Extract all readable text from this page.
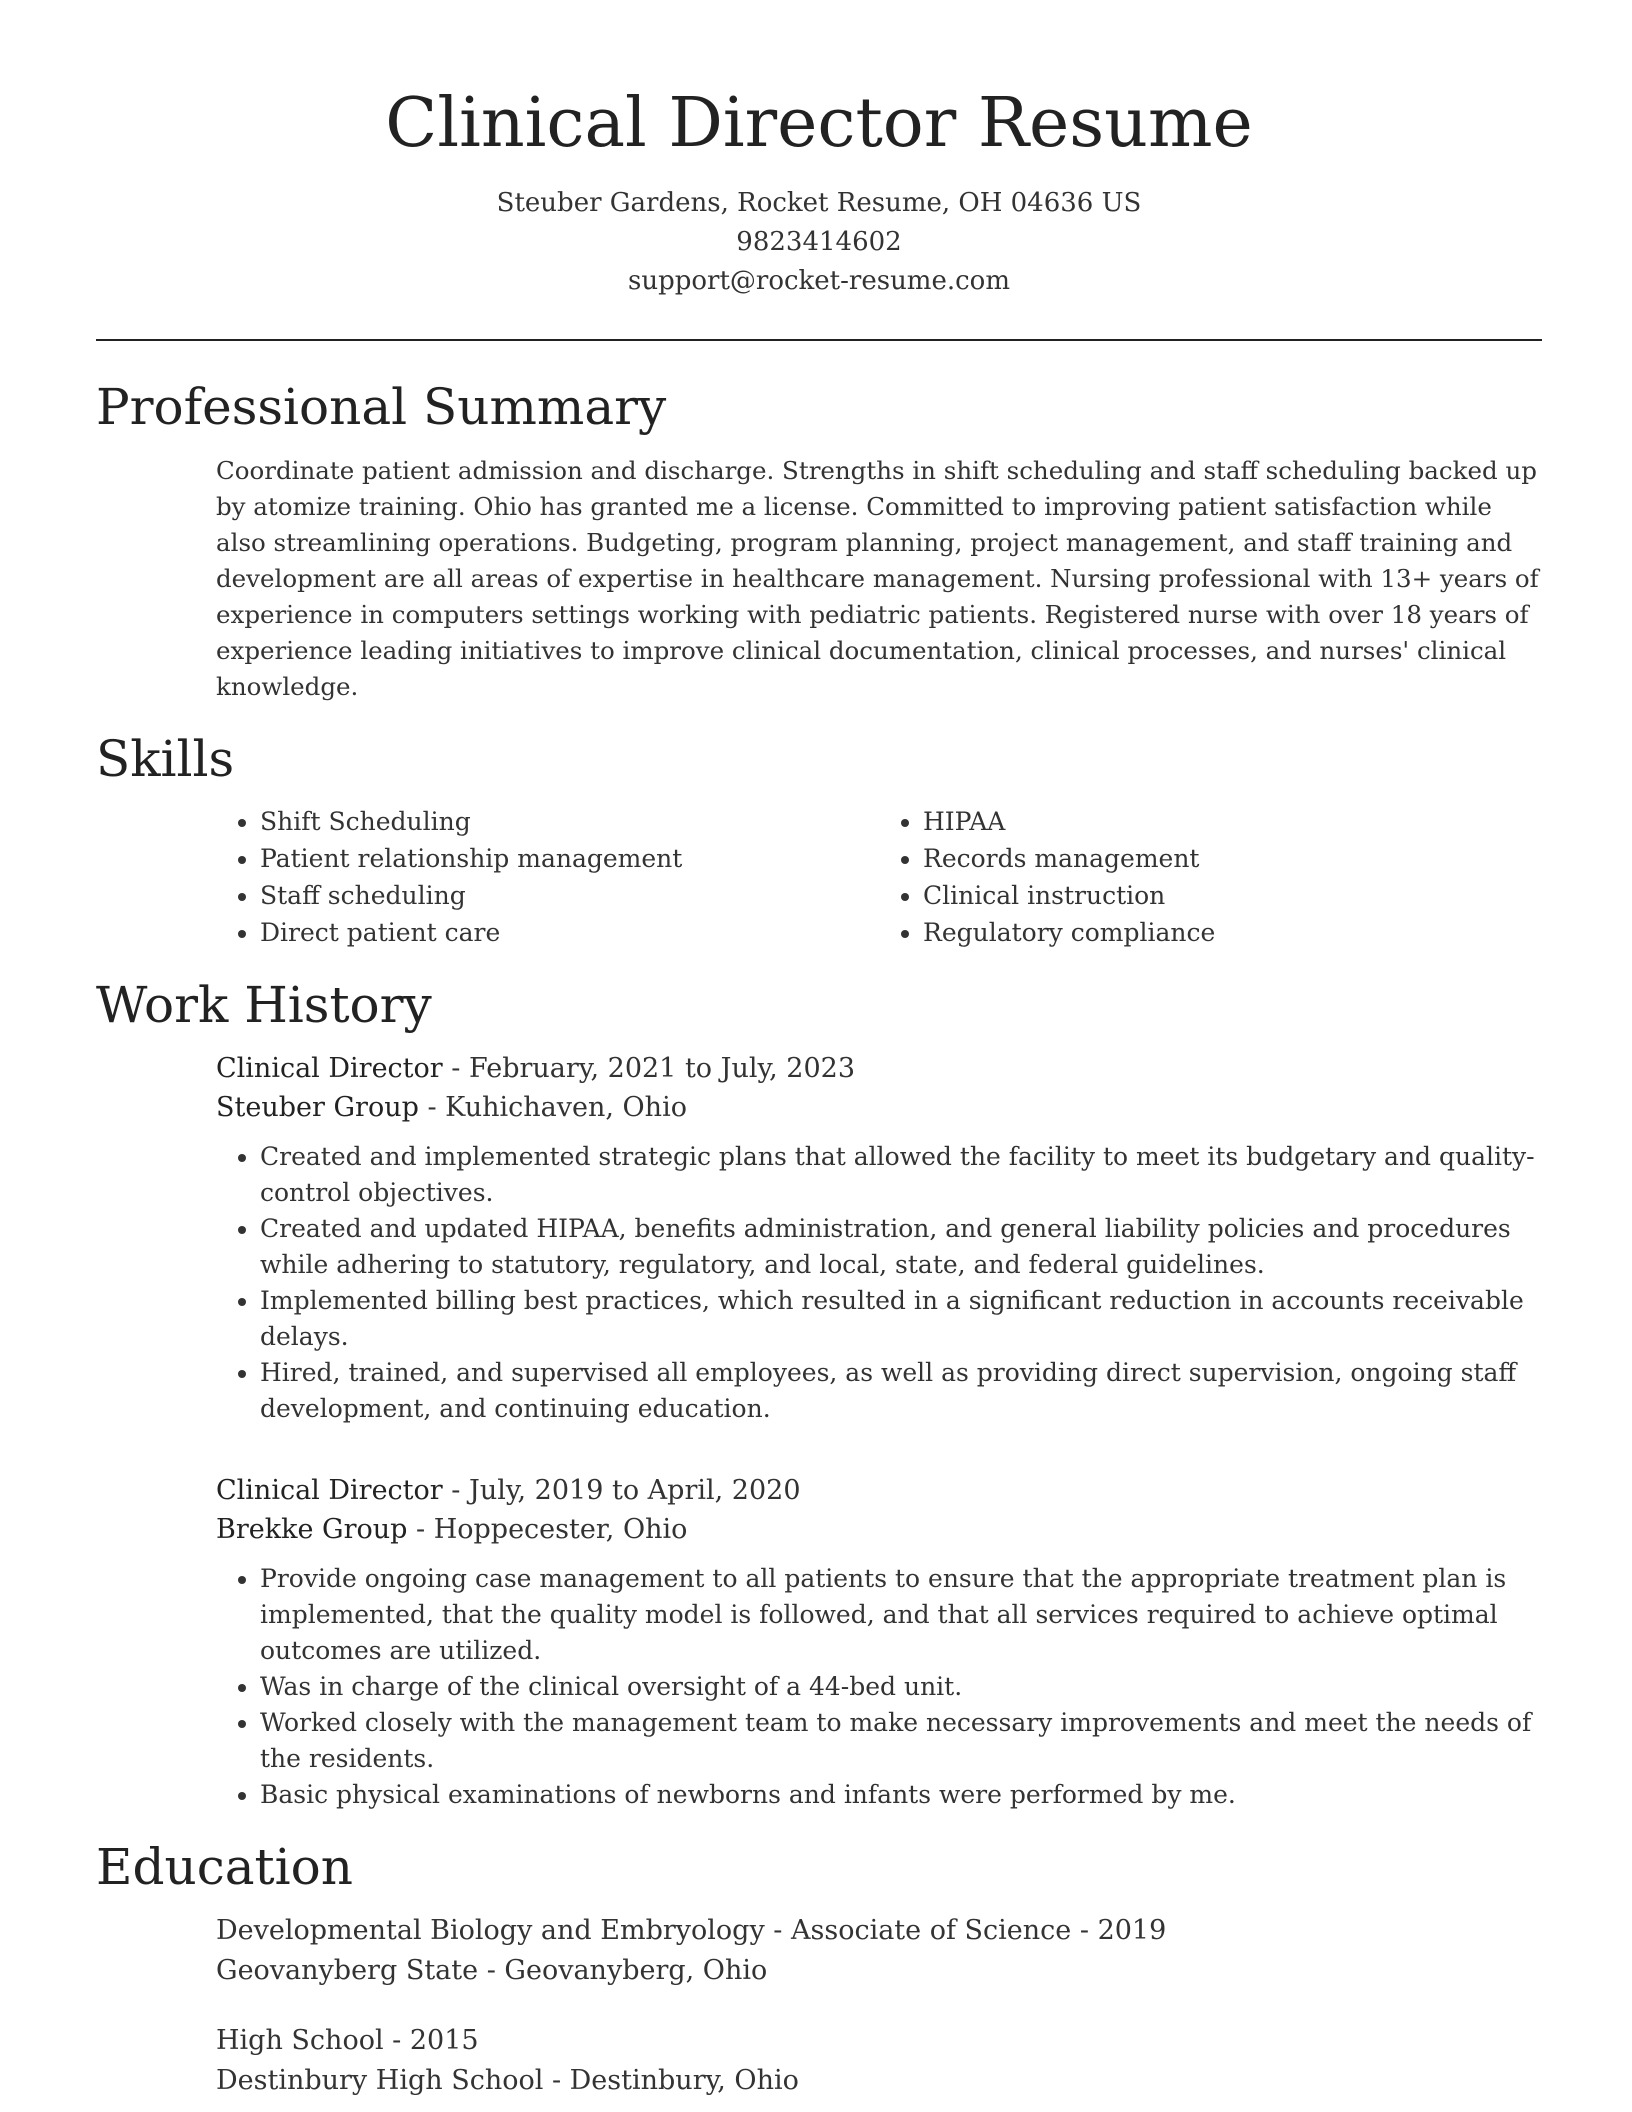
Clinical Director Resume
Steuber Gardens, Rocket Resume, OH 04636 US
9823414602
support@rocket-resume.com
Professional Summary

Coordinate patient admission and discharge. Strengths in shift scheduling and staff scheduling backed up by atomize training. Ohio has granted me a license. Committed to improving patient satisfaction while also streamlining operations. Budgeting, program planning, project management, and staff training and development are all areas of expertise in healthcare management. Nursing professional with 13+ years of experience in computers settings working with pediatric patients. Registered nurse with over 18 years of experience leading initiatives to improve clinical documentation, clinical processes, and nurses' clinical knowledge.

Skills
• Shift Scheduling
• Patient relationship management
• Staff scheduling
• Direct patient care
• HIPAA
• Records management
• Clinical instruction
• Regulatory compliance
Work History
Clinical Director - February, 2021 to July, 2023
Steuber Group - Kuhichaven, Ohio
• Created and implemented strategic plans that allowed the facility to meet its budgetary and quality-control objectives.
• Created and updated HIPAA, benefits administration, and general liability policies and procedures while adhering to statutory, regulatory, and local, state, and federal guidelines.
• Implemented billing best practices, which resulted in a significant reduction in accounts receivable delays.
• Hired, trained, and supervised all employees, as well as providing direct supervision, ongoing staff development, and continuing education.
Clinical Director - July, 2019 to April, 2020
Brekke Group - Hoppecester, Ohio
• Provide ongoing case management to all patients to ensure that the appropriate treatment plan is implemented, that the quality model is followed, and that all services required to achieve optimal outcomes are utilized.
• Was in charge of the clinical oversight of a 44-bed unit.
• Worked closely with the management team to make necessary improvements and meet the needs of the residents.
• Basic physical examinations of newborns and infants were performed by me.
Education
Developmental Biology and Embryology - Associate of Science - 2019
Geovanyberg State - Geovanyberg, Ohio
High School - 2015
Destinbury High School - Destinbury, Ohio
